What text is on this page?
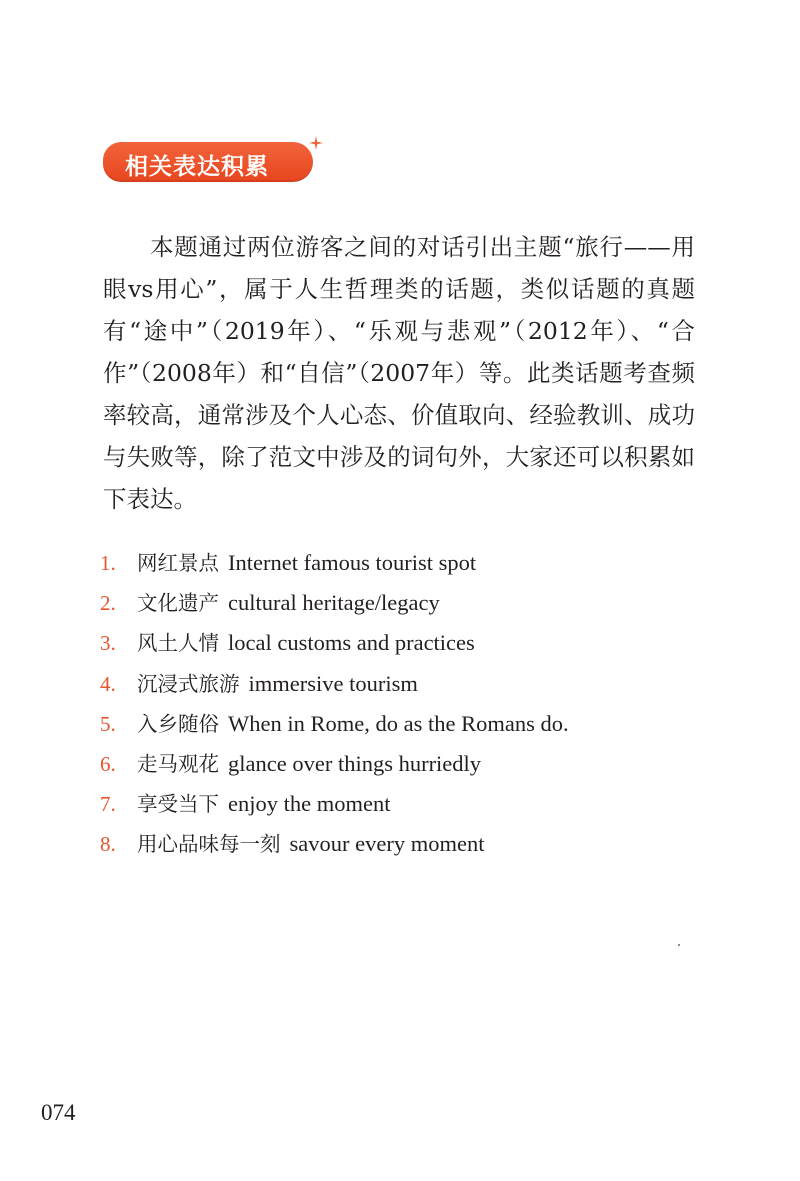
相关表达积累

本题通过两位游客之间的对话引出主题“旅行——用眼vs用心”，属于人生哲理类的话题，类似话题的真题有“途中”（2019年）、“乐观与悲观”（2012年）、“合作”（2008年）和“自信”（2007年）等。此类话题考查频率较高，通常涉及个人心态、价值取向、经验教训、成功与失败等，除了范文中涉及的词句外，大家还可以积累如下表达。

1. 网红景点 Internet famous tourist spot
2. 文化遗产 cultural heritage/legacy
3. 风土人情 local customs and practices
4. 沉浸式旅游 immersive tourism
5. 入乡随俗 When in Rome, do as the Romans do.
6. 走马观花 glance over things hurriedly
7. 享受当下 enjoy the moment
8. 用心品味每一刻 savour every moment
074
